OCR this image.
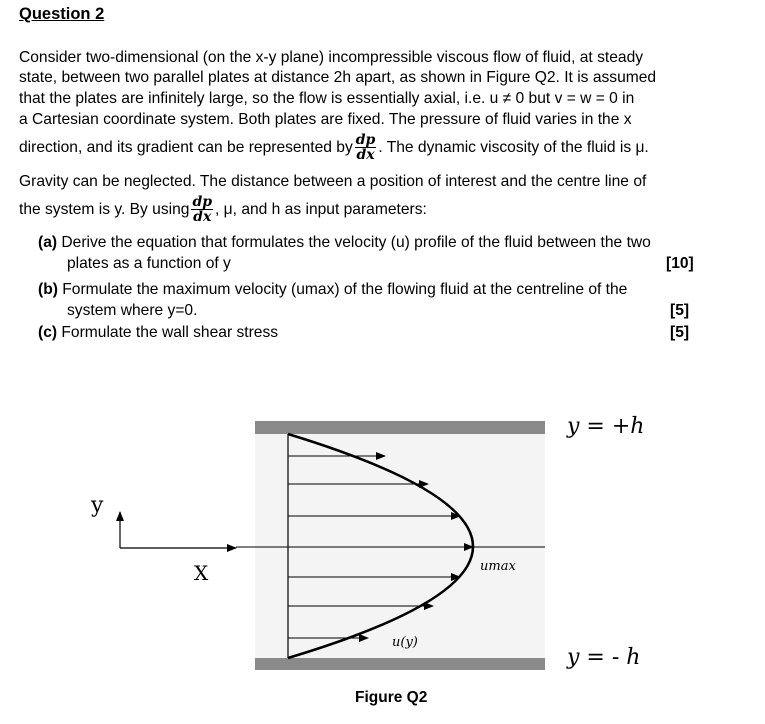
Question 2
Consider two-dimensional (on the x-y plane) incompressible viscous flow of fluid, at steady
state, between two parallel plates at distance 2h apart, as shown in Figure Q2. It is assumed
that the plates are infinitely large, so the flow is essentially axial, i.e. u ≠ 0 but v = w = 0 in
a Cartesian coordinate system. Both plates are fixed. The pressure of fluid varies in the x
direction, and its gradient can be represented by $\frac{dp}{dx}$ . The dynamic viscosity of the fluid is μ.
Gravity can be neglected. The distance between a position of interest and the centre line of
the system is y. By using $\frac{dp}{dx}$ , μ, and h as input parameters:
(a) Derive the equation that formulates the velocity (u) profile of the fluid between the two
plates as a function of y	[10]
(b) Formulate the maximum velocity (umax) of the flowing fluid at the centreline of the
system where y=0.	[5]
(c) Formulate the wall shear stress	[5]
y
X	umax
u(y)
y = +h
y = - h
Figure Q2
